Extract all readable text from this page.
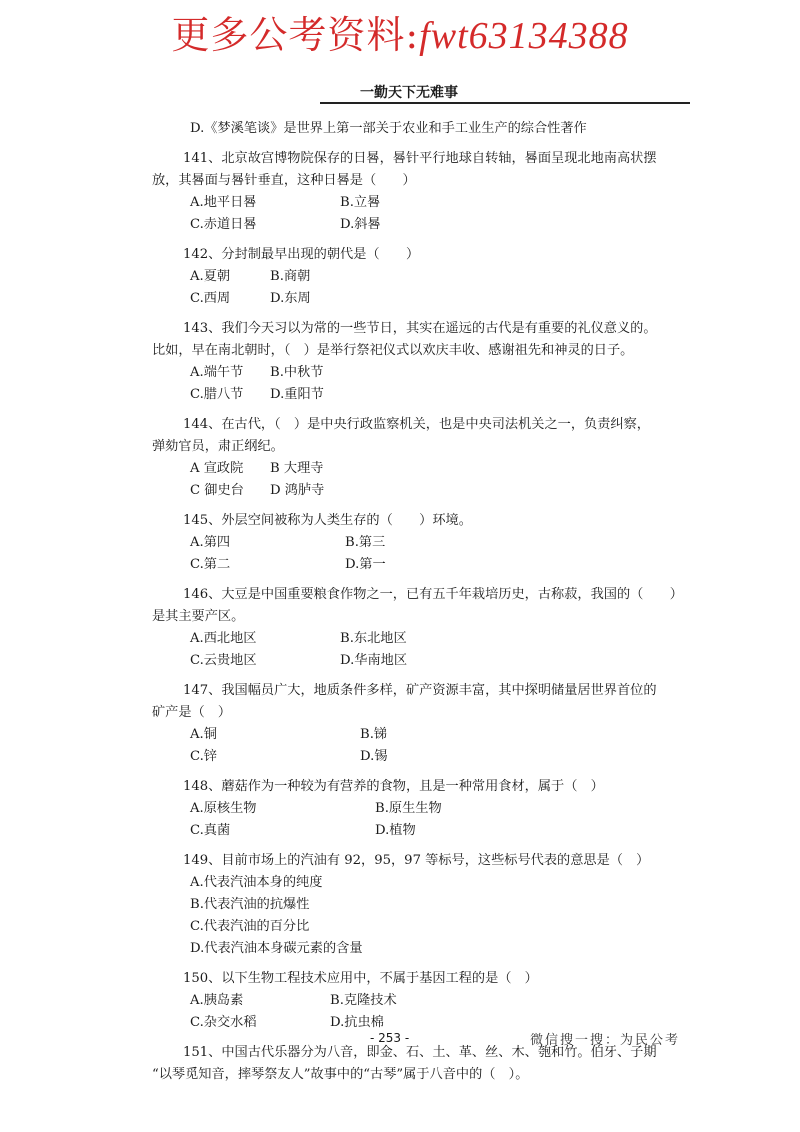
更多公考资料:fwt63134388
一勤天下无难事
D.《梦溪笔谈》是世界上第一部关于农业和手工业生产的综合性著作
141、北京故宫博物院保存的日晷，晷针平行地球自转轴，晷面呈现北地南高状摆
放，其晷面与晷针垂直，这种日晷是（　　）
A.地平日晷	B.立晷
C.赤道日晷	D.斜晷
142、分封制最早出现的朝代是（　　）
A.夏朝	B.商朝
C.西周	D.东周
143、我们今天习以为常的一些节日，其实在遥远的古代是有重要的礼仪意义的。
比如，早在南北朝时，（　）是举行祭祀仪式以欢庆丰收、感谢祖先和神灵的日子。
A.端午节	B.中秋节
C.腊八节	D.重阳节
144、在古代，（　）是中央行政监察机关，也是中央司法机关之一，负责纠察，
弹劾官员，肃正纲纪。
A 宣政院	B 大理寺
C 御史台	D 鸿胪寺
145、外层空间被称为人类生存的（　　）环境。
A.第四	B.第三
C.第二	D.第一
146、大豆是中国重要粮食作物之一，已有五千年栽培历史，古称菽，我国的（　　）
是其主要产区。
A.西北地区	B.东北地区
C.云贵地区	D.华南地区
147、我国幅员广大，地质条件多样，矿产资源丰富，其中探明储量居世界首位的
矿产是（　）
A.铜	B.锑
C.锌	D.锡
148、蘑菇作为一种较为有营养的食物，且是一种常用食材，属于（　）
A.原核生物	B.原生生物
C.真菌	D.植物
149、目前市场上的汽油有 92，95，97 等标号，这些标号代表的意思是（　）
A.代表汽油本身的纯度
B.代表汽油的抗爆性
C.代表汽油的百分比
D.代表汽油本身碳元素的含量
150、以下生物工程技术应用中，不属于基因工程的是（　）
A.胰岛素	B.克隆技术
C.杂交水稻	D.抗虫棉
151、中国古代乐器分为八音，即金、石、土、革、丝、木、匏和竹。伯牙、子期
“以琴觅知音，摔琴祭友人”故事中的“古琴”属于八音中的（　）。
- 253 -	微信搜一搜：为民公考
